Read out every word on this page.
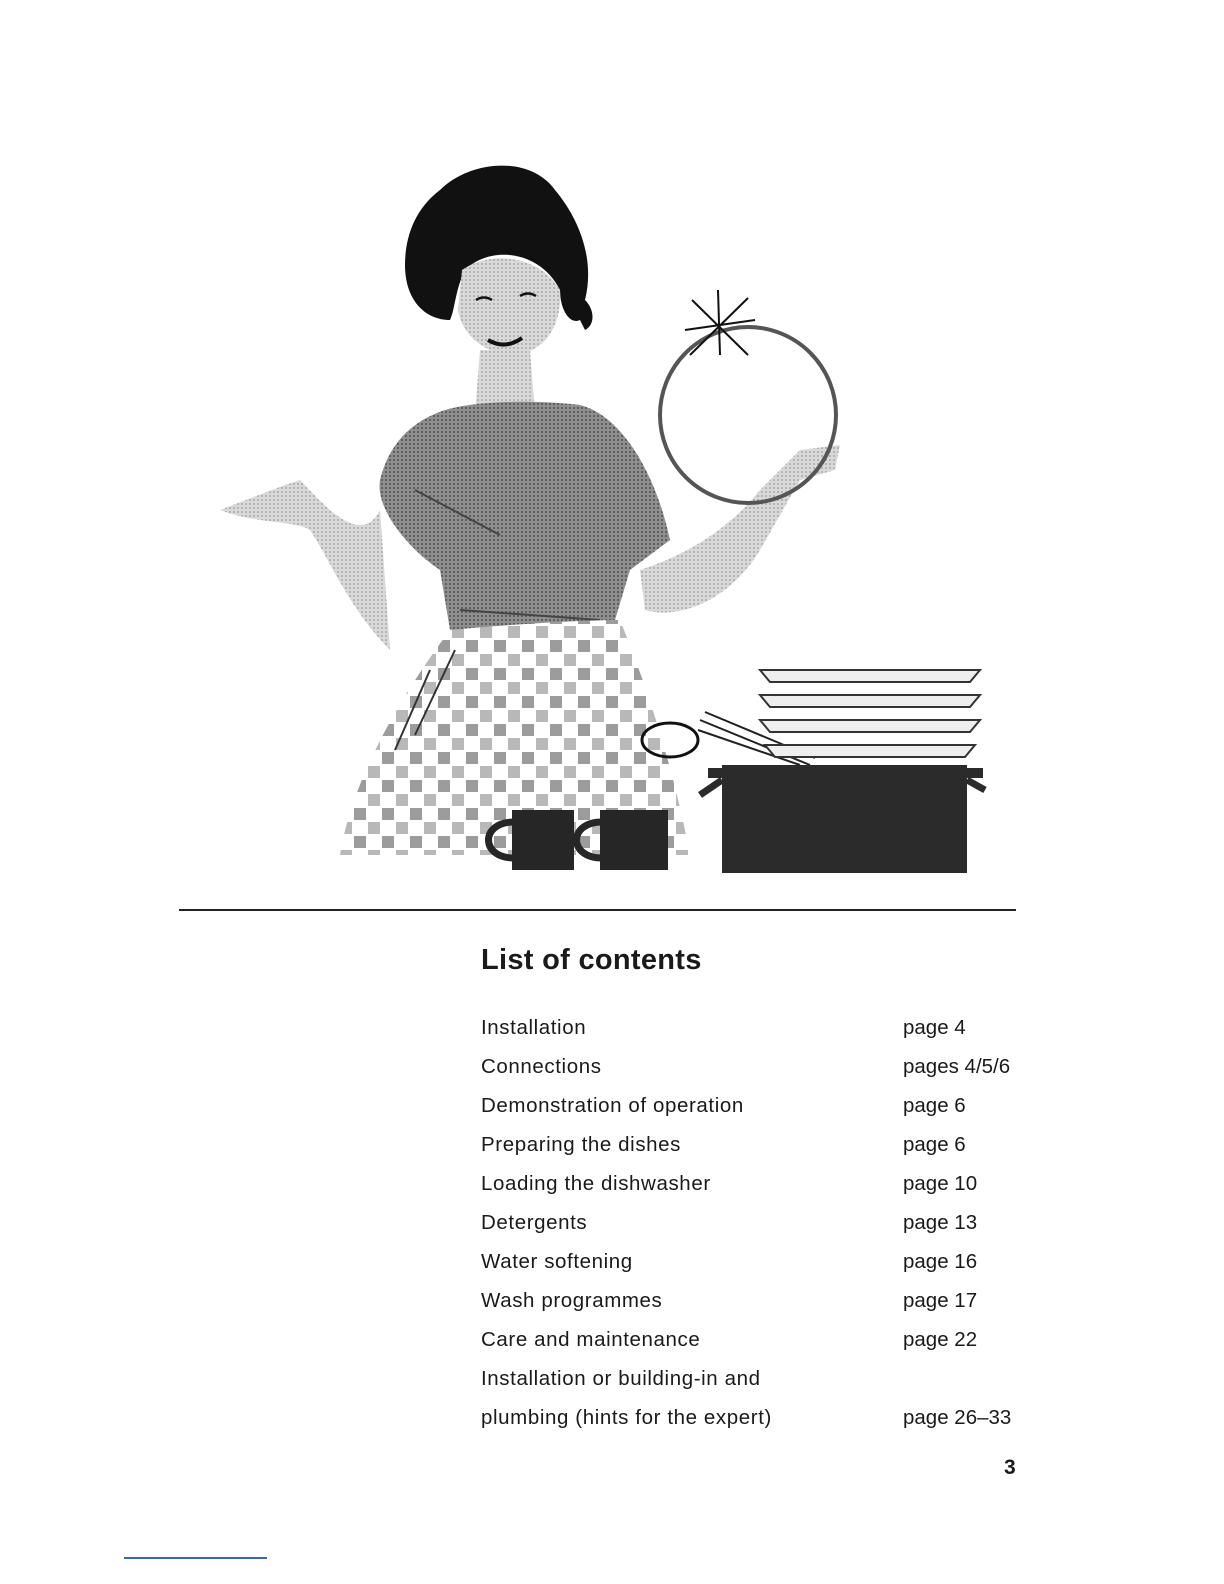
List of contents
Installation	page 4
Connections	pages 4/5/6
Demonstration of operation	page 6
Preparing the dishes	page 6
Loading the dishwasher	page 10
Detergents	page 13
Water softening	page 16
Wash programmes	page 17
Care and maintenance	page 22
Installation or building-in and
plumbing (hints for the expert)	page 26–33
3
